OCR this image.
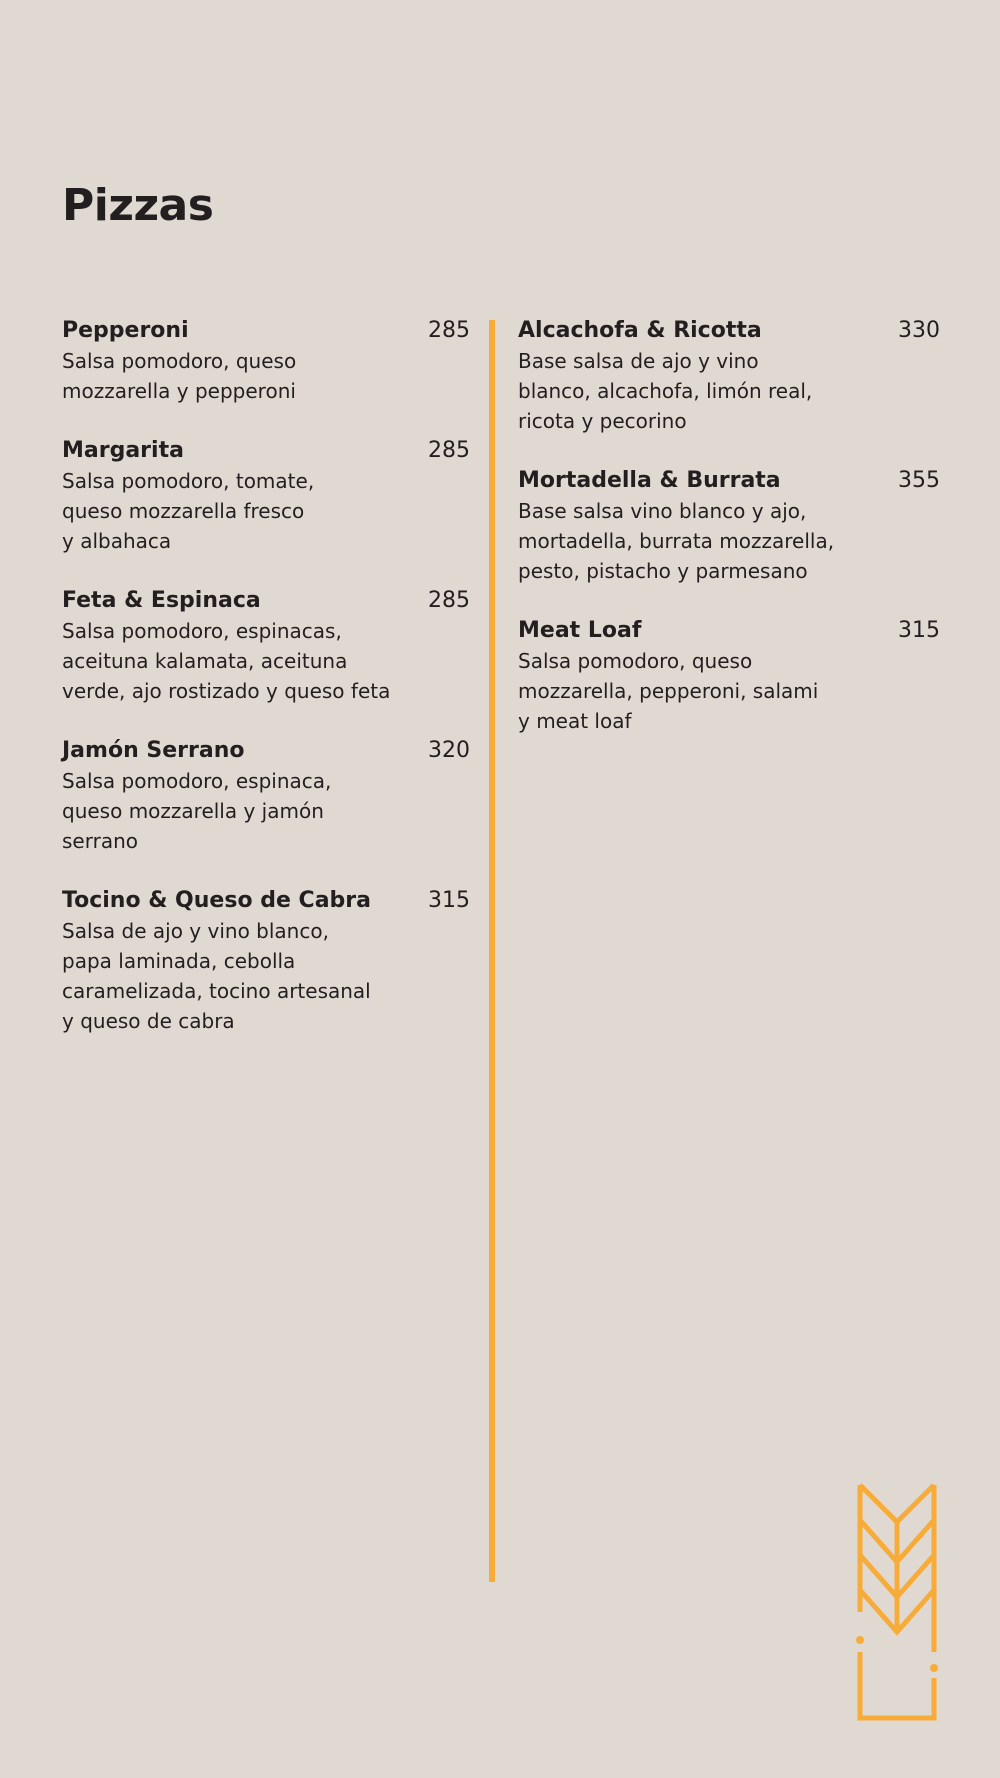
Pizzas
Pepperoni	285
Salsa pomodoro, queso
mozzarella y pepperoni
Margarita	285
Salsa pomodoro, tomate,
queso mozzarella fresco
y albahaca
Feta & Espinaca	285
Salsa pomodoro, espinacas,
aceituna kalamata, aceituna
verde, ajo rostizado y queso feta
Jamón Serrano	320
Salsa pomodoro, espinaca,
queso mozzarella y jamón
serrano
Tocino & Queso de Cabra	315
Salsa de ajo y vino blanco,
papa laminada, cebolla
caramelizada, tocino artesanal
y queso de cabra
Alcachofa & Ricotta	330
Base salsa de ajo y vino
blanco, alcachofa, limón real,
ricota y pecorino
Mortadella & Burrata	355
Base salsa vino blanco y ajo,
mortadella, burrata mozzarella,
pesto, pistacho y parmesano
Meat Loaf	315
Salsa pomodoro, queso
mozzarella, pepperoni, salami
y meat loaf
